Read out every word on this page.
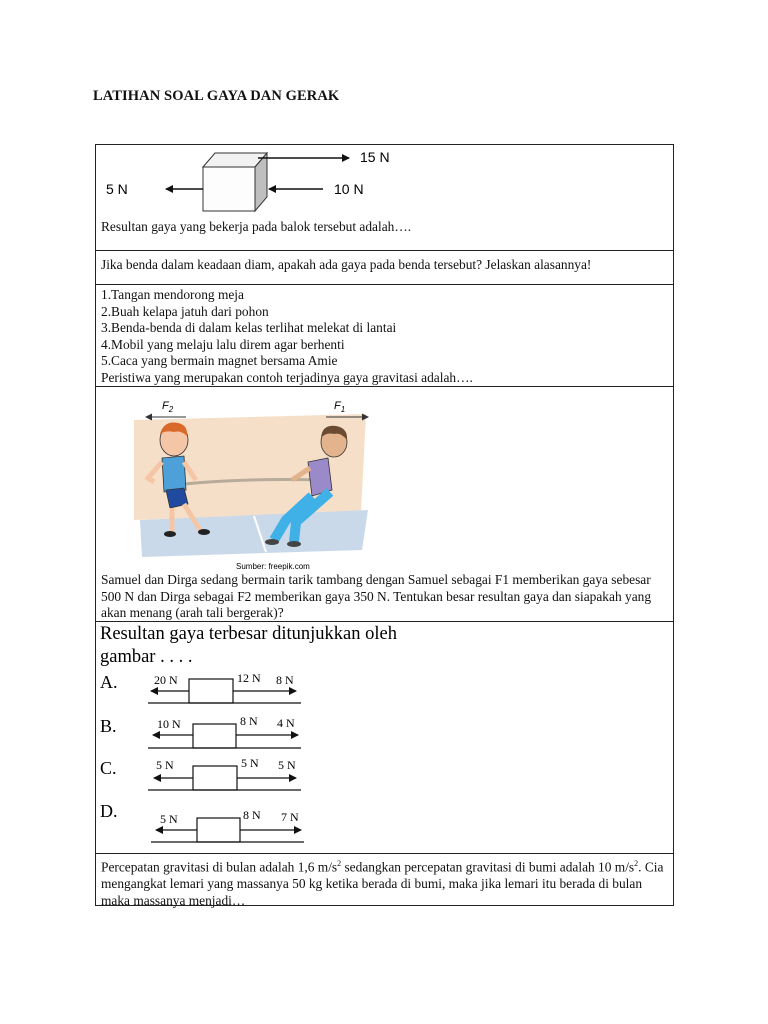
LATIHAN SOAL GAYA DAN GERAK
15 N
5 N	10 N
Resultan gaya yang bekerja pada balok tersebut adalah….
Jika benda dalam keadaan diam, apakah ada gaya pada benda tersebut? Jelaskan alasannya!
1.Tangan mendorong meja
2.Buah kelapa jatuh dari pohon
3.Benda-benda di dalam kelas terlihat melekat di lantai
4.Mobil yang melaju lalu direm agar berhenti
5.Caca yang bermain magnet bersama Amie
Peristiwa yang merupakan contoh terjadinya gaya gravitasi adalah….
$F_2$	$F_1$
Sumber: freepik.com
Samuel dan Dirga sedang bermain tarik tambang dengan Samuel sebagai F1 memberikan gaya sebesar 500 N dan Dirga sebagai F2 memberikan gaya 350 N. Tentukan besar resultan gaya dan siapakah yang akan menang (arah tali bergerak)?
Resultan gaya terbesar ditunjukkan oleh
gambar . . . .
A.	20 N	12 N 8 N
B.	10 N	8 N 4 N
C.	5 N	5 N 5 N
D.	5 N	8 N 7 N
Percepatan gravitasi di bulan adalah 1,6 $m/s^2$ sedangkan percepatan gravitasi di bumi adalah 10 $m/s^2$. Cia mengangkat lemari yang massanya 50 kg ketika berada di bumi, maka jika lemari itu berada di bulan maka massanya menjadi…
